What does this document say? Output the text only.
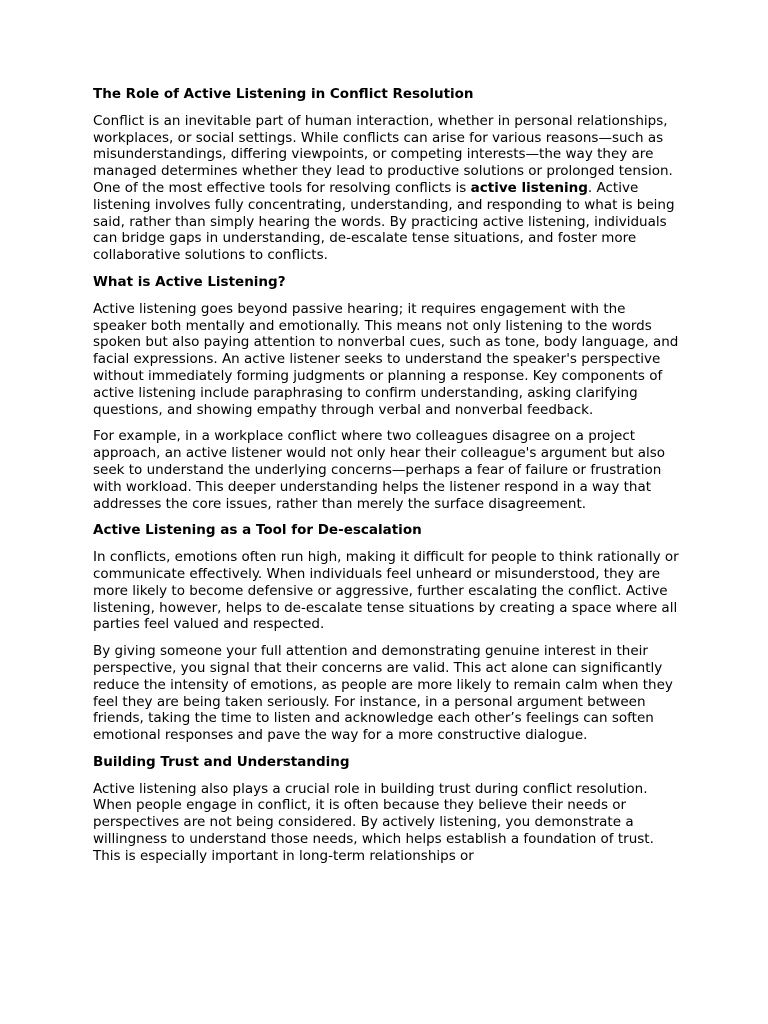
The Role of Active Listening in Conflict Resolution

Conflict is an inevitable part of human interaction, whether in personal relationships, workplaces, or social settings. While conflicts can arise for various reasons—such as misunderstandings, differing viewpoints, or competing interests—the way they are managed determines whether they lead to productive solutions or prolonged tension. One of the most effective tools for resolving conflicts is active listening. Active listening involves fully concentrating, understanding, and responding to what is being said, rather than simply hearing the words. By practicing active listening, individuals can bridge gaps in understanding, de-escalate tense situations, and foster more collaborative solutions to conflicts.

What is Active Listening?

Active listening goes beyond passive hearing; it requires engagement with the speaker both mentally and emotionally. This means not only listening to the words spoken but also paying attention to nonverbal cues, such as tone, body language, and facial expressions. An active listener seeks to understand the speaker's perspective without immediately forming judgments or planning a response. Key components of active listening include paraphrasing to confirm understanding, asking clarifying questions, and showing empathy through verbal and nonverbal feedback.

For example, in a workplace conflict where two colleagues disagree on a project approach, an active listener would not only hear their colleague's argument but also seek to understand the underlying concerns—perhaps a fear of failure or frustration with workload. This deeper understanding helps the listener respond in a way that addresses the core issues, rather than merely the surface disagreement.

Active Listening as a Tool for De-escalation

In conflicts, emotions often run high, making it difficult for people to think rationally or communicate effectively. When individuals feel unheard or misunderstood, they are more likely to become defensive or aggressive, further escalating the conflict. Active listening, however, helps to de-escalate tense situations by creating a space where all parties feel valued and respected.

By giving someone your full attention and demonstrating genuine interest in their perspective, you signal that their concerns are valid. This act alone can significantly reduce the intensity of emotions, as people are more likely to remain calm when they feel they are being taken seriously. For instance, in a personal argument between friends, taking the time to listen and acknowledge each other’s feelings can soften emotional responses and pave the way for a more constructive dialogue.

Building Trust and Understanding

Active listening also plays a crucial role in building trust during conflict resolution. When people engage in conflict, it is often because they believe their needs or perspectives are not being considered. By actively listening, you demonstrate a willingness to understand those needs, which helps establish a foundation of trust. This is especially important in long-term relationships or
